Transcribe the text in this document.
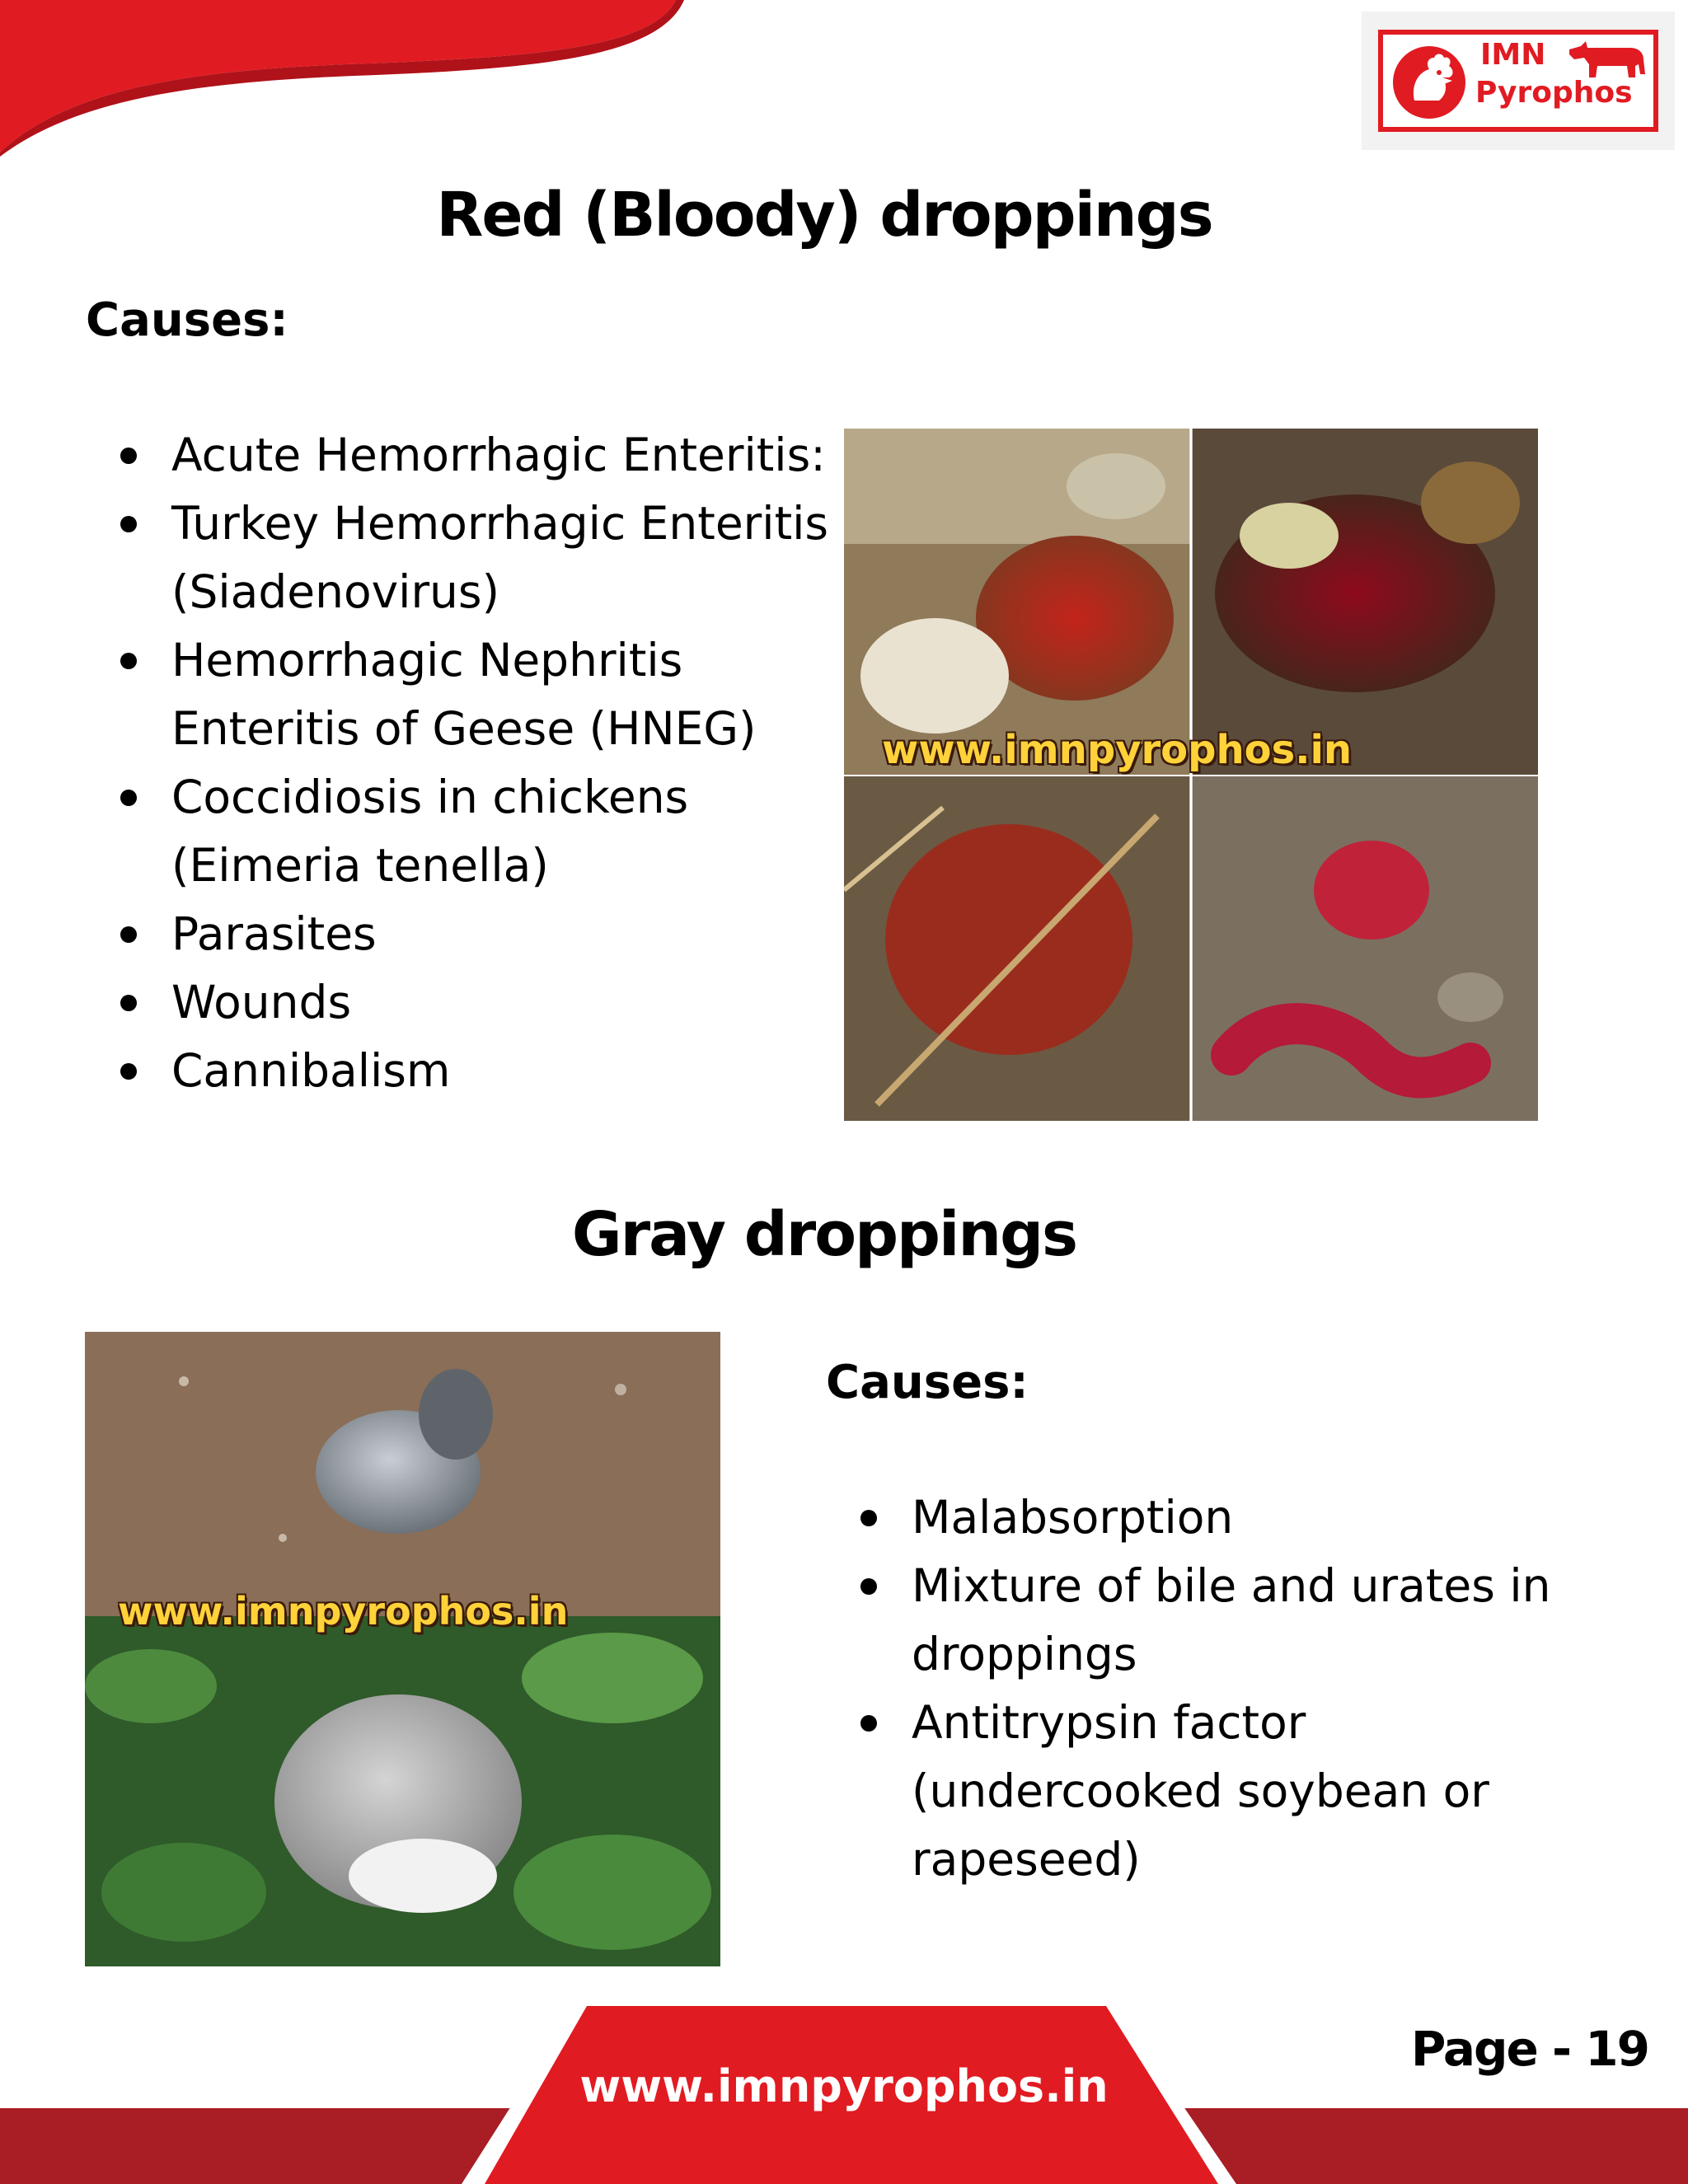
IMN
Pyrophos
Red (Bloody) droppings
Causes:
Acute Hemorrhagic Enteritis:
Turkey Hemorrhagic Enteritis (Siadenovirus)
Hemorrhagic Nephritis Enteritis of Geese (HNEG)
Coccidiosis in chickens (Eimeria tenella)
Parasites
Wounds
Cannibalism
www.imnpyrophos.in
Gray droppings
www.imnpyrophos.in
Causes:
Malabsorption
Mixture of bile and urates in droppings
Antitrypsin factor (undercooked soybean or rapeseed)
www.imnpyrophos.in
Page - 19
